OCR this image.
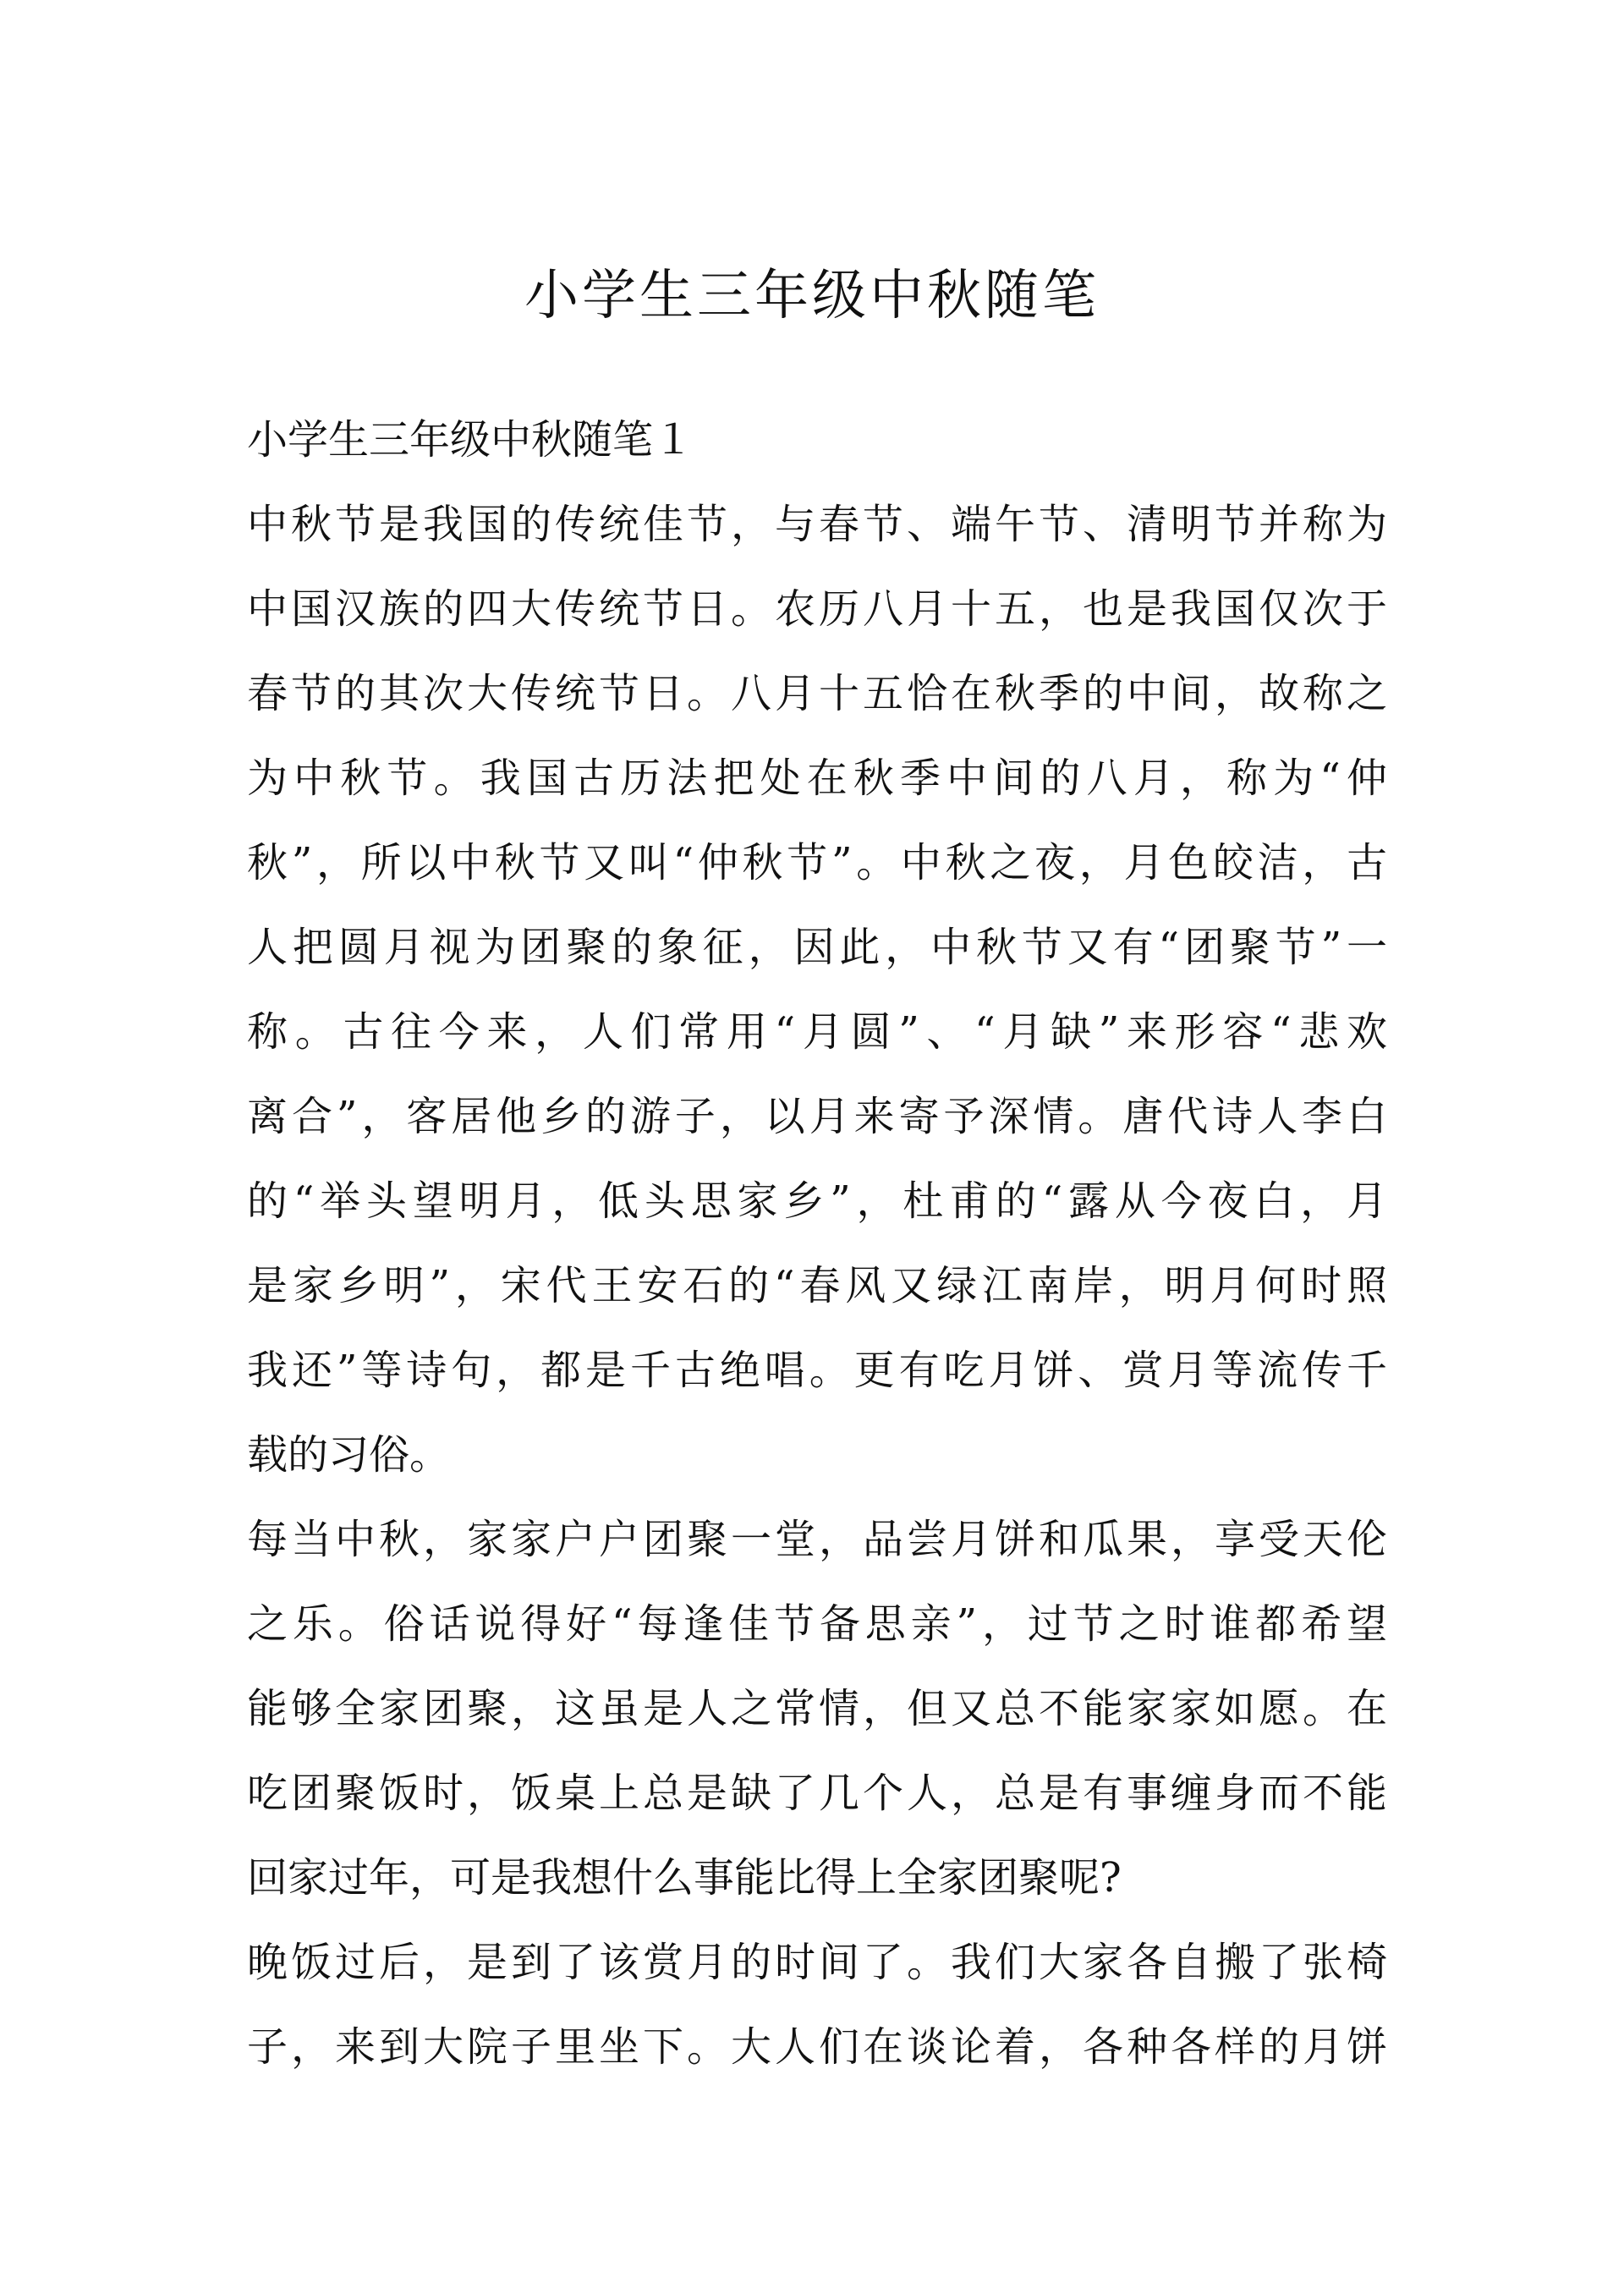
小学生三年级中秋随笔
小学生三年级中秋随笔１
中秋节是我国的传统佳节，与春节、端午节、清明节并称为
中国汉族的四大传统节日。农历八月十五，也是我国仅次于
春节的其次大传统节日。八月十五恰在秋季的中间，故称之
为中秋节。我国古历法把处在秋季中间的八月，称为“仲
秋”，所以中秋节又叫“仲秋节”。中秋之夜，月色皎洁，古
人把圆月视为团聚的象征，因此，中秋节又有“团聚节”一
称。古往今来，人们常用“月圆”、“月缺”来形容“悲欢
离合”，客居他乡的游子，以月来寄予深情。唐代诗人李白
的“举头望明月，低头思家乡”，杜甫的“露从今夜白，月
是家乡明”，宋代王安石的“春风又绿江南岸，明月何时照
我还”等诗句，都是千古绝唱。更有吃月饼、赏月等流传千
载的习俗。
每当中秋，家家户户团聚一堂，品尝月饼和瓜果，享受天伦
之乐。俗话说得好“每逢佳节备思亲”，过节之时谁都希望
能够全家团聚，这虽是人之常情，但又总不能家家如愿。在
吃团聚饭时，饭桌上总是缺了几个人，总是有事缠身而不能
回家过年，可是我想什么事能比得上全家团聚呢?
晚饭过后，是到了该赏月的时间了。我们大家各自搬了张椅
子，来到大院子里坐下。大人们在谈论着，各种各样的月饼
